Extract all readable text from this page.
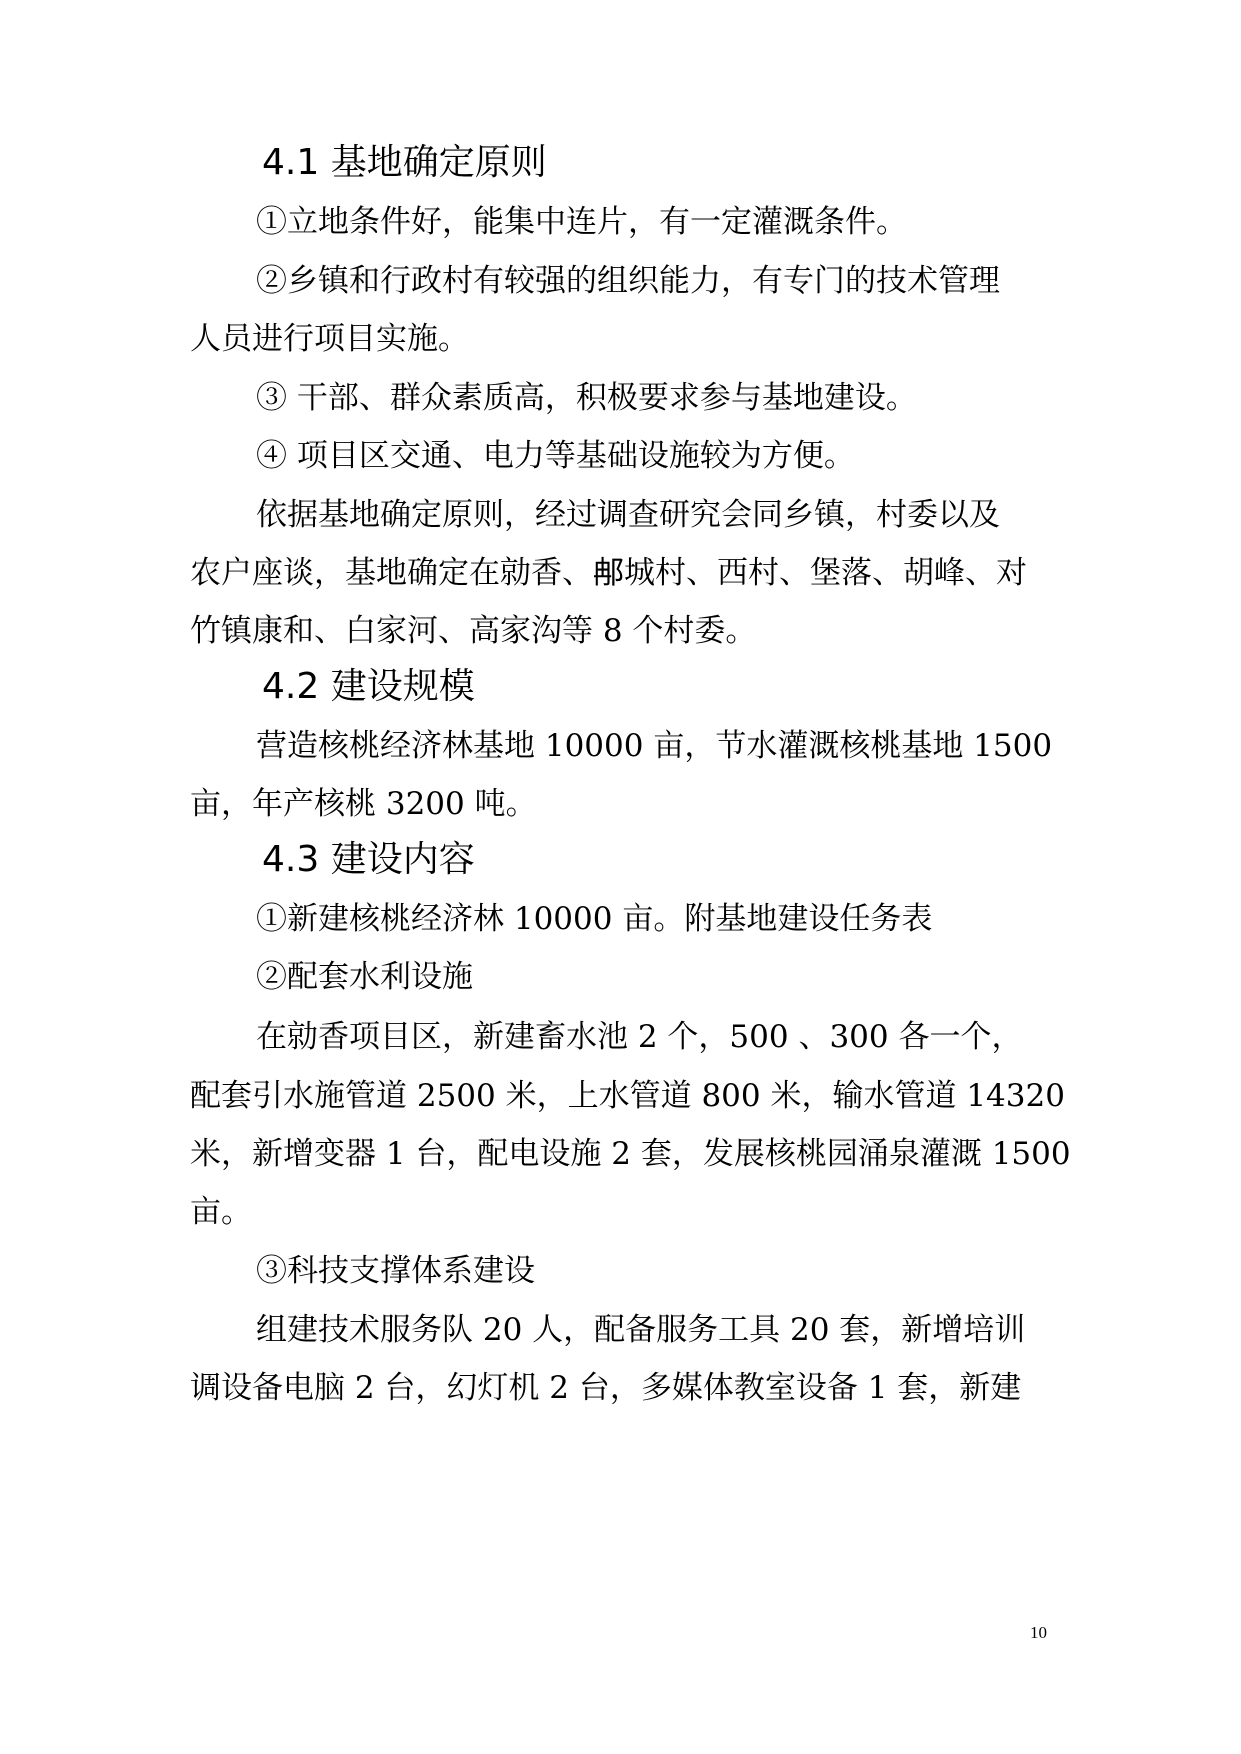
4.1 基地确定原则
①立地条件好，能集中连片，有一定灌溉条件。
②乡镇和行政村有较强的组织能力，有专门的技术管理
人员进行项目实施。
③ 干部、群众素质高，积极要求参与基地建设。
④ 项目区交通、电力等基础设施较为方便。
依据基地确定原则，经过调查研究会同乡镇，村委以及
农户座谈，基地确定在勍香、𨚗城村、西村、堡落、胡峰、对
竹镇康和、白家河、高家沟等 8 个村委。
4.2 建设规模
营造核桃经济林基地 10000 亩，节水灌溉核桃基地 1500
亩，年产核桃 3200 吨。
4.3 建设内容
①新建核桃经济林 10000 亩。附基地建设任务表
②配套水利设施
在勍香项目区，新建畜水池 2 个，500 、300 各一个，
配套引水施管道 2500 米，上水管道 800 米，输水管道 14320
米，新增变器 1 台，配电设施 2 套，发展核桃园涌泉灌溉 1500
亩。
③科技支撑体系建设
组建技术服务队 20 人，配备服务工具 20 套，新增培训
调设备电脑 2 台，幻灯机 2 台，多媒体教室设备 1 套，新建
10
